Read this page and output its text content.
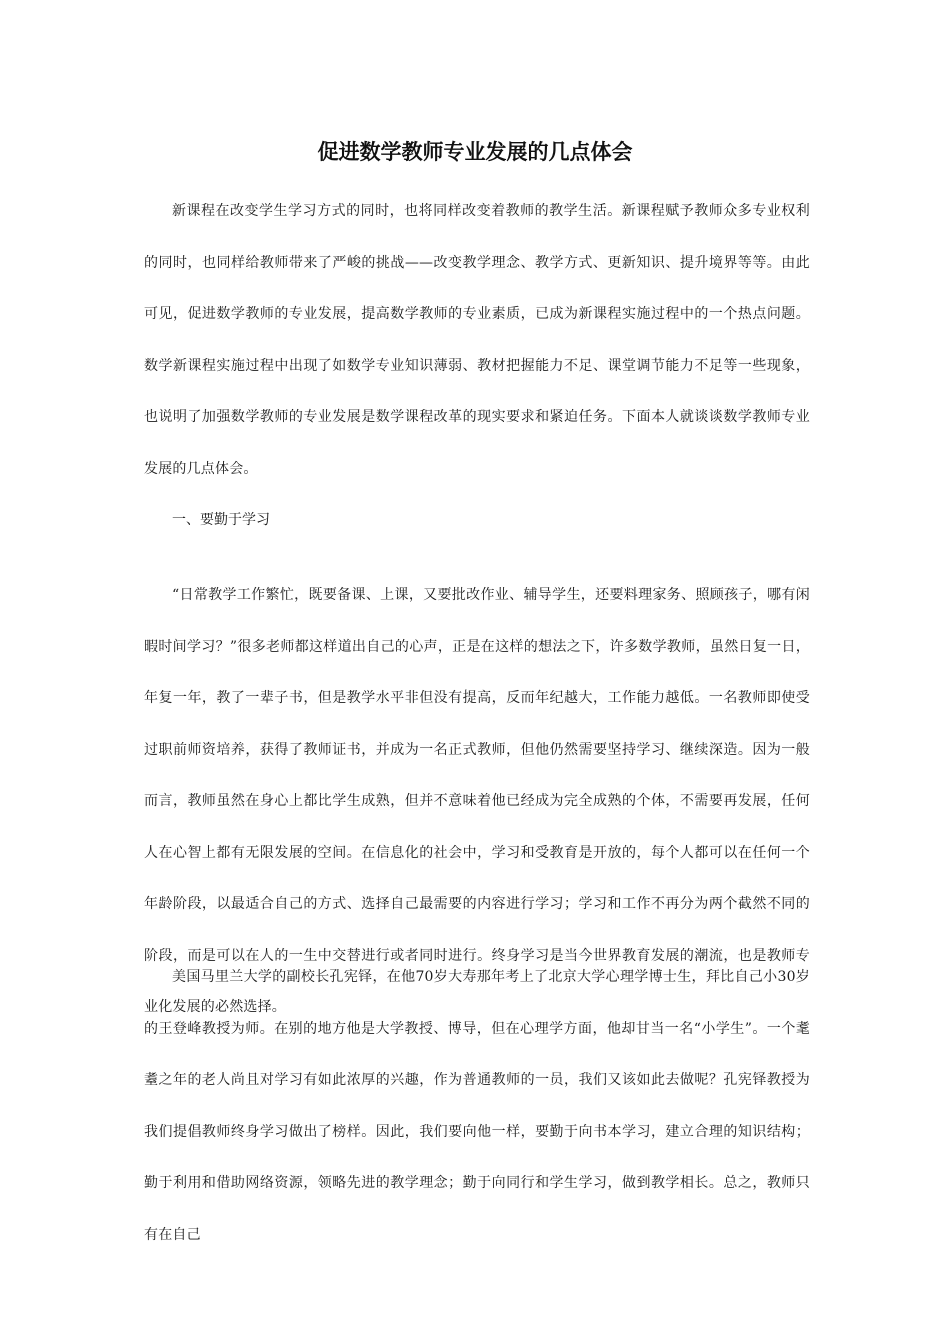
促进数学教师专业发展的几点体会

新课程在改变学生学习方式的同时，也将同样改变着教师的教学生活。新课程赋予教师众多专业权利的同时，也同样给教师带来了严峻的挑战——改变教学理念、教学方式、更新知识、提升境界等等。由此可见，促进数学教师的专业发展，提高数学教师的专业素质，已成为新课程实施过程中的一个热点问题。数学新课程实施过程中出现了如数学专业知识薄弱、教材把握能力不足、课堂调节能力不足等一些现象，也说明了加强数学教师的专业发展是数学课程改革的现实要求和紧迫任务。下面本人就谈谈数学教师专业发展的几点体会。

一、要勤于学习

“日常教学工作繁忙，既要备课、上课，又要批改作业、辅导学生，还要料理家务、照顾孩子，哪有闲暇时间学习？”很多老师都这样道出自己的心声，正是在这样的想法之下，许多数学教师，虽然日复一日，年复一年，教了一辈子书，但是教学水平非但没有提高，反而年纪越大，工作能力越低。一名教师即使受过职前师资培养，获得了教师证书，并成为一名正式教师，但他仍然需要坚持学习、继续深造。因为一般而言，教师虽然在身心上都比学生成熟，但并不意味着他已经成为完全成熟的个体，不需要再发展，任何人在心智上都有无限发展的空间。在信息化的社会中，学习和受教育是开放的，每个人都可以在任何一个年龄阶段，以最适合自己的方式、选择自己最需要的内容进行学习；学习和工作不再分为两个截然不同的阶段，而是可以在人的一生中交替进行或者同时进行。终身学习是当今世界教育发展的潮流，也是教师专业化发展的必然选择。

美国马里兰大学的副校长孔宪铎，在他70岁大寿那年考上了北京大学心理学博士生，拜比自己小30岁的王登峰教授为师。在别的地方他是大学教授、博导，但在心理学方面，他却甘当一名“小学生”。一个耄耋之年的老人尚且对学习有如此浓厚的兴趣，作为普通教师的一员，我们又该如此去做呢？孔宪铎教授为我们提倡教师终身学习做出了榜样。因此，我们要向他一样，要勤于向书本学习，建立合理的知识结构；勤于利用和借助网络资源，领略先进的教学理念；勤于向同行和学生学习，做到教学相长。总之，教师只有在自己
